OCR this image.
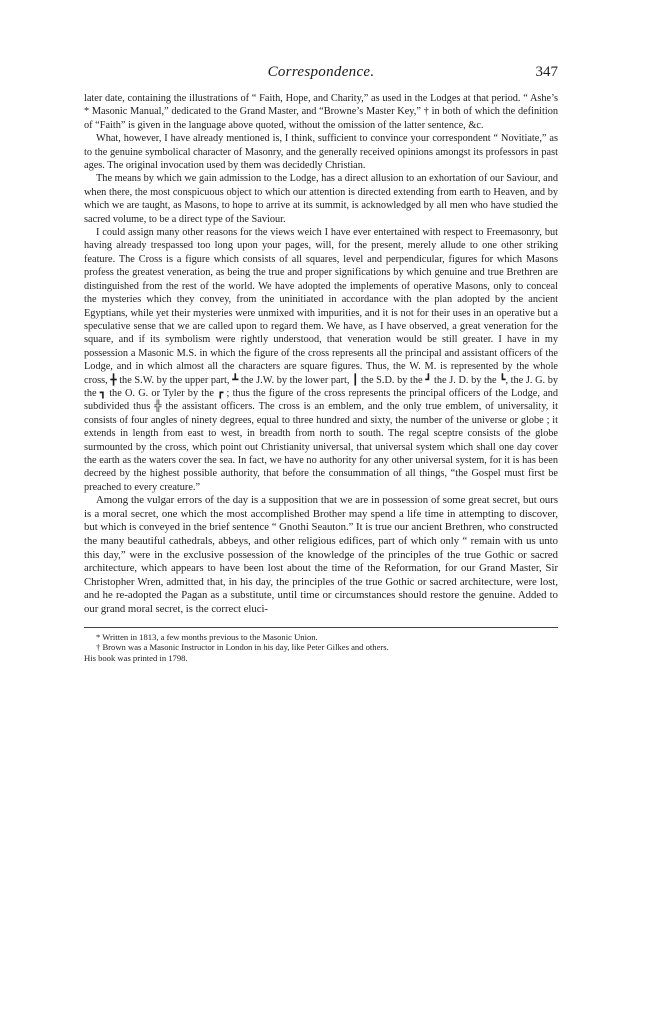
Correspondence.	347

later date, containing the illustrations of “ Faith, Hope, and Charity,” as used in the Lodges at that period. “ Ashe’s * Masonic Manual,” dedicated to the Grand Master, and “Browne’s Master Key,” † in both of which the definition of “Faith” is given in the language above quoted, without the omission of the latter sentence, &c.

What, however, I have already mentioned is, I think, sufficient to convince your correspondent “ Novitiate,” as to the genuine symbolical character of Masonry, and the generally received opinions amongst its professors in past ages. The original invocation used by them was decidedly Christian.

The means by which we gain admission to the Lodge, has a direct allusion to an exhortation of our Saviour, and when there, the most conspicuous object to which our attention is directed extending from earth to Heaven, and by which we are taught, as Masons, to hope to arrive at its summit, is acknowledged by all men who have studied the sacred volume, to be a direct type of the Saviour.

I could assign many other reasons for the views weich I have ever entertained with respect to Freemasonry, but having already trespassed too long upon your pages, will, for the present, merely allude to one other striking feature. The Cross is a figure which consists of all squares, level and perpendicular, figures for which Masons profess the greatest veneration, as being the true and proper significations by which genuine and true Brethren are distinguished from the rest of the world. We have adopted the implements of operative Masons, only to conceal the mysteries which they convey, from the uninitiated in accordance with the plan adopted by the ancient Egyptians, while yet their mysteries were unmixed with impurities, and it is not for their uses in an operative but a speculative sense that we are called upon to regard them. We have, as I have observed, a great veneration for the square, and if its symbolism were rightly understood, that veneration would be still greater. I have in my possession a Masonic M.S. in which the figure of the cross represents all the principal and assistant officers of the Lodge, and in which almost all the characters are square figures. Thus, the W. M. is represented by the whole cross, ╋ the S.W. by the upper part, ┻ the J.W. by the lower part, ┃ the S.D. by the ┛ the J. D. by the ┗, the J. G. by the ┓ the O. G. or Tyler by the ┏ ; thus the figure of the cross represents the principal officers of the Lodge, and subdivided thus ╬ the assistant officers. The cross is an emblem, and the only true emblem, of universality, it consists of four angles of ninety degrees, equal to three hundred and sixty, the number of the universe or globe ; it extends in length from east to west, in breadth from north to south. The regal sceptre consists of the globe surmounted by the cross, which point out Christianity universal, that universal system which shall one day cover the earth as the waters cover the sea. In fact, we have no authority for any other universal system, for it is has been decreed by the highest possible authority, that before the consummation of all things, “the Gospel must first be preached to every creature.”

Among the vulgar errors of the day is a supposition that we are in possession of some great secret, but ours is a moral secret, one which the most accomplished Brother may spend a life time in attempting to discover, but which is conveyed in the brief sentence “ Gnothi Seauton.” It is true our ancient Brethren, who constructed the many beautiful cathedrals, abbeys, and other religious edifices, part of which only “ remain with us unto this day,” were in the exclusive possession of the knowledge of the principles of the true Gothic or sacred architecture, which appears to have been lost about the time of the Reformation, for our Grand Master, Sir Christopher Wren, admitted that, in his day, the principles of the true Gothic or sacred architecture, were lost, and he re-adopted the Pagan as a substitute, until time or circumstances should restore the genuine. Added to our grand moral secret, is the correct eluci-

* Written in 1813, a few months previous to the Masonic Union.

† Brown was a Masonic Instructor in London in his day, like Peter Gilkes and others.

His book was printed in 1798.
